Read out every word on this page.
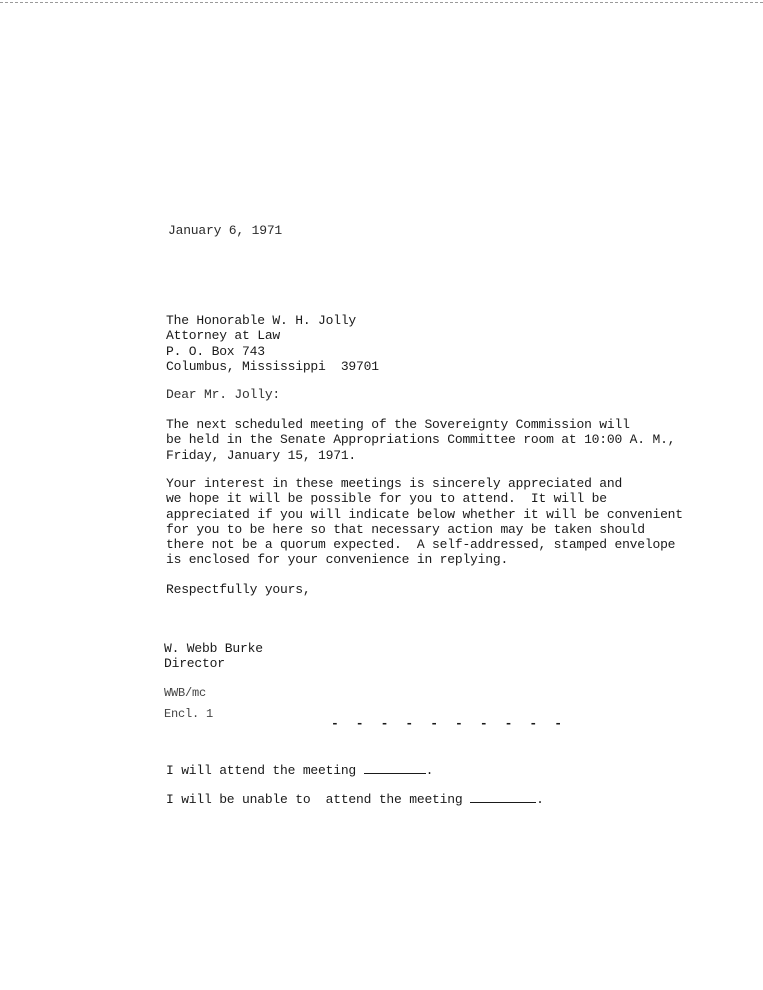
January 6, 1971
The Honorable W. H. Jolly
Attorney at Law
P. O. Box 743
Columbus, Mississippi  39701
Dear Mr. Jolly:
The next scheduled meeting of the Sovereignty Commission will
be held in the Senate Appropriations Committee room at 10:00 A. M.,
Friday, January 15, 1971.
Your interest in these meetings is sincerely appreciated and
we hope it will be possible for you to attend.  It will be
appreciated if you will indicate below whether it will be convenient
for you to be here so that necessary action may be taken should
there not be a quorum expected.  A self-addressed, stamped envelope
is enclosed for your convenience in replying.
Respectfully yours,
W. Webb Burke
Director
WWB/mc
Encl. 1
- - - - - - - - - -
I will attend the meeting	.
I will be unable to  attend the meeting	.
